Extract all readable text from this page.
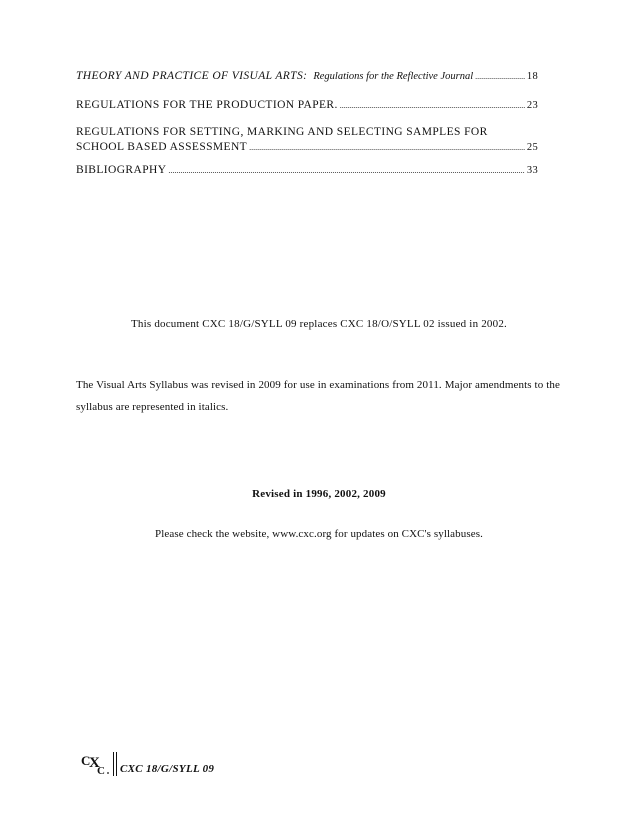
THEORY AND PRACTICE OF VISUAL ARTS: Regulations for the Reflective Journal .....	18
REGULATIONS FOR THE PRODUCTION PAPER. .....	23
REGULATIONS FOR SETTING, MARKING AND SELECTING SAMPLES FOR
SCHOOL BASED ASSESSMENT .....	25
BIBLIOGRAPHY .....	33
This document CXC 18/G/SYLL 09 replaces CXC 18/O/SYLL 02 issued in 2002.
The Visual Arts Syllabus was revised in 2009 for use in examinations from 2011. Major amendments to the syllabus are represented in italics.
Revised in 1996, 2002, 2009
Please check the website, www.cxc.org for updates on CXC's syllabuses.
C
X
C CXC 18/G/SYLL 09
